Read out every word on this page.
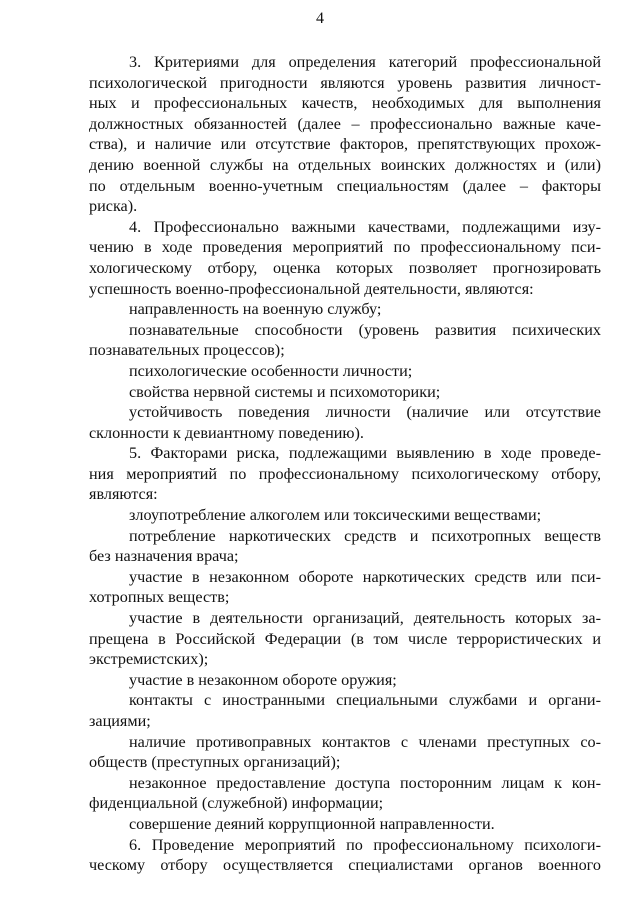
4
3. Критериями для определения категорий профессиональной
психологической пригодности являются уровень развития личност-
ных и профессиональных качеств, необходимых для выполнения
должностных обязанностей (далее – профессионально важные каче-
ства), и наличие или отсутствие факторов, препятствующих прохож-
дению военной службы на отдельных воинских должностях и (или)
по отдельным военно-учетным специальностям (далее – факторы
риска).
4. Профессионально важными качествами, подлежащими изу-
чению в ходе проведения мероприятий по профессиональному пси-
хологическому отбору, оценка которых позволяет прогнозировать
успешность военно-профессиональной деятельности, являются:
направленность на военную службу;
познавательные способности (уровень развития психических
познавательных процессов);
психологические особенности личности;
свойства нервной системы и психомоторики;
устойчивость поведения личности (наличие или отсутствие
склонности к девиантному поведению).
5. Факторами риска, подлежащими выявлению в ходе проведе-
ния мероприятий по профессиональному психологическому отбору,
являются:
злоупотребление алкоголем или токсическими веществами;
потребление наркотических средств и психотропных веществ
без назначения врача;
участие в незаконном обороте наркотических средств или пси-
хотропных веществ;
участие в деятельности организаций, деятельность которых за-
прещена в Российской Федерации (в том числе террористических и
экстремистских);
участие в незаконном обороте оружия;
контакты с иностранными специальными службами и органи-
зациями;
наличие противоправных контактов с членами преступных со-
обществ (преступных организаций);
незаконное предоставление доступа посторонним лицам к кон-
фиденциальной (служебной) информации;
совершение деяний коррупционной направленности.
6. Проведение мероприятий по профессиональному психологи-
ческому отбору осуществляется специалистами органов военного
